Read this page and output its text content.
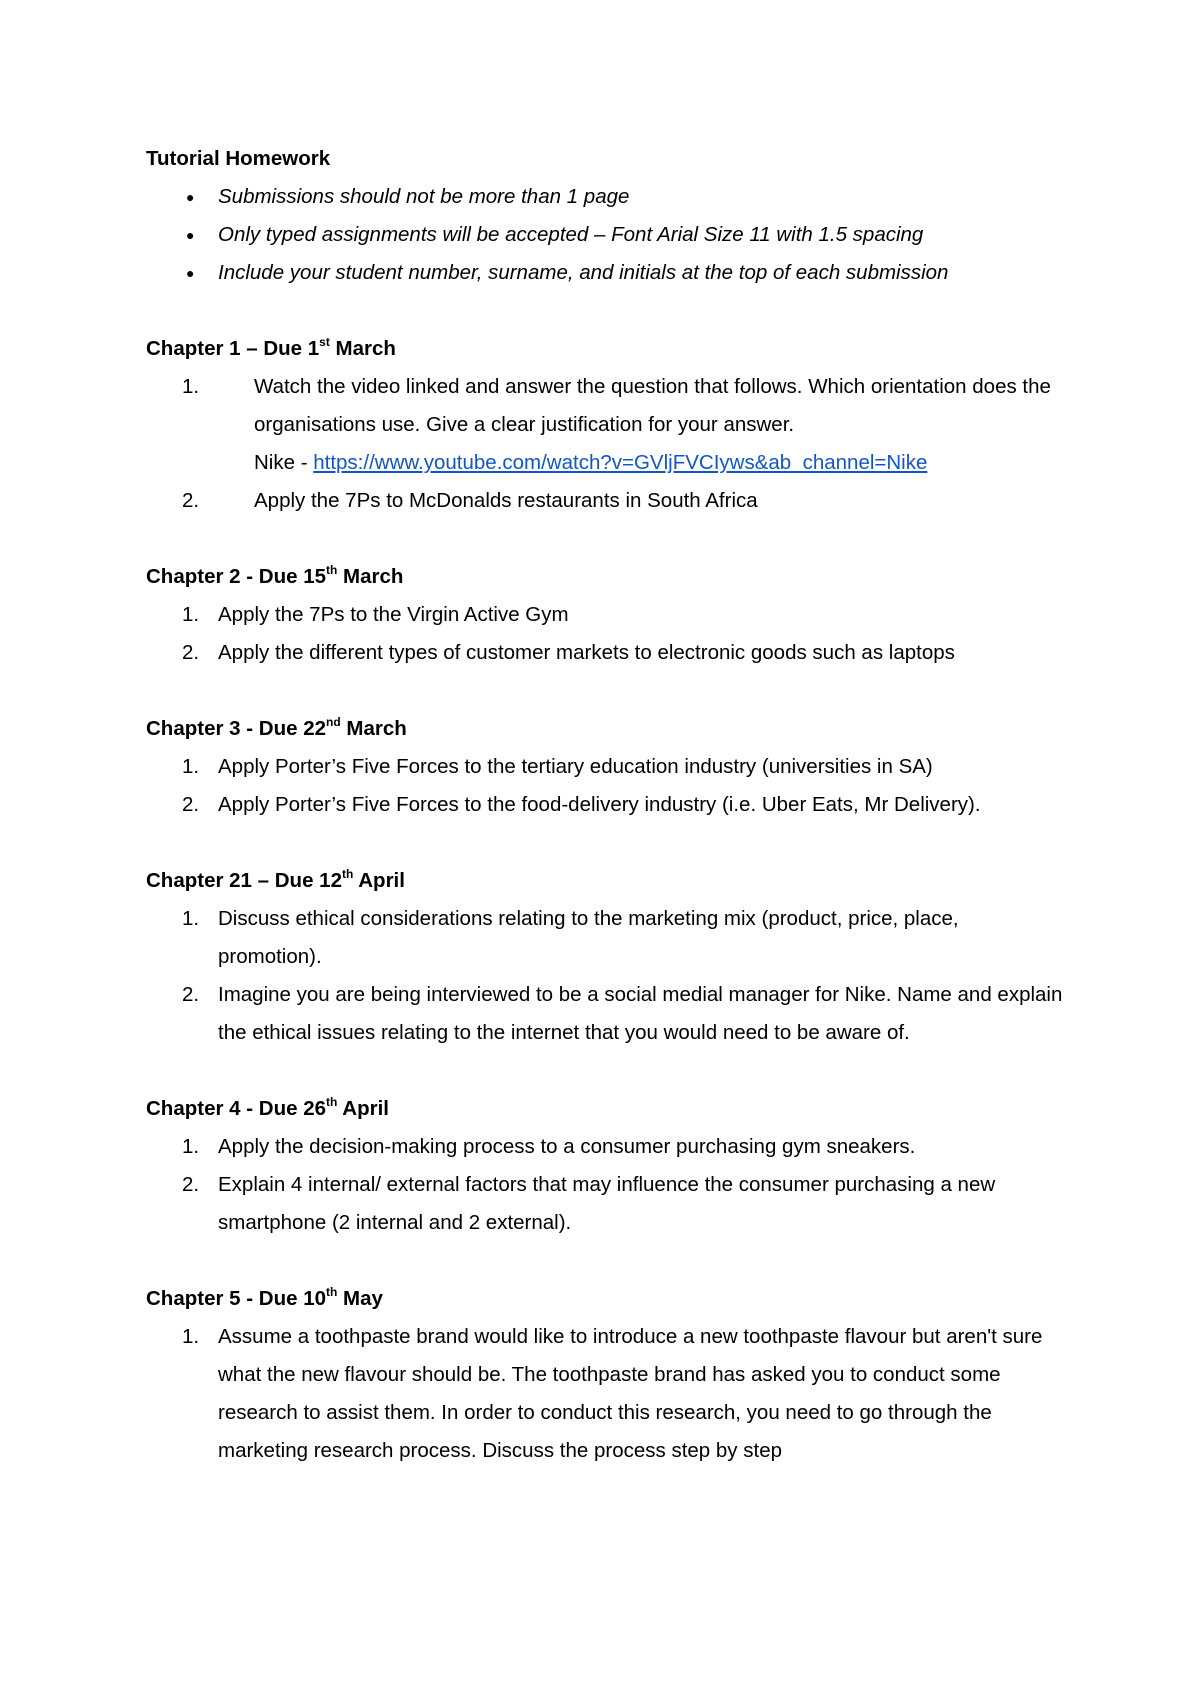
Tutorial Homework

● Submissions should not be more than 1 page
● Only typed assignments will be accepted – Font Arial Size 11 with 1.5 spacing
● Include your student number, surname, and initials at the top of each submission

Chapter 1 – Due 1st March

1.	Watch the video linked and answer the question that follows. Which orientation does the organisations use. Give a clear justification for your answer.
Nike - https://www.youtube.com/watch?v=GVljFVCIyws&ab_channel=Nike
2.	Apply the 7Ps to McDonalds restaurants in South Africa

Chapter 2 - Due 15th March

1. Apply the 7Ps to the Virgin Active Gym
2. Apply the different types of customer markets to electronic goods such as laptops

Chapter 3 - Due 22nd March

1. Apply Porter’s Five Forces to the tertiary education industry (universities in SA)
2. Apply Porter’s Five Forces to the food-delivery industry (i.e. Uber Eats, Mr Delivery).

Chapter 21 – Due 12th April

1. Discuss ethical considerations relating to the marketing mix (product, price, place, promotion).
2. Imagine you are being interviewed to be a social medial manager for Nike. Name and explain the ethical issues relating to the internet that you would need to be aware of.

Chapter 4 - Due 26th April

1. Apply the decision-making process to a consumer purchasing gym sneakers.
2. Explain 4 internal/ external factors that may influence the consumer purchasing a new smartphone (2 internal and 2 external).

Chapter 5 - Due 10th May

1. Assume a toothpaste brand would like to introduce a new toothpaste flavour but aren't sure what the new flavour should be. The toothpaste brand has asked you to conduct some research to assist them. In order to conduct this research, you need to go through the marketing research process. Discuss the process step by step
